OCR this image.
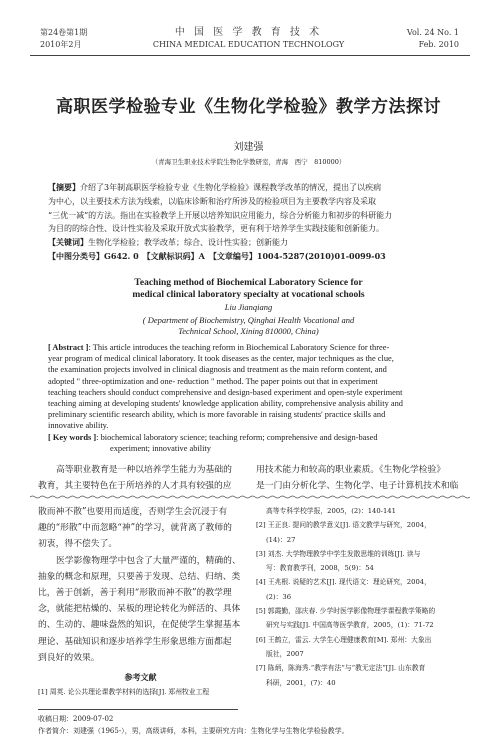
第24卷第1期
2010年2月
中 国 医 学 教 育 技 术
CHINA MEDICAL EDUCATION TECHNOLOGY
Vol. 24 No. 1
Feb. 2010
高职医学检验专业《生物化学检验》教学方法探讨
刘建强
（青海卫生职业技术学院生物化学教研室，青海　西宁　810000）
【摘要】介绍了3年制高职医学检验专业《生物化学检验》课程教学改革的情况，提出了以疾病
为中心，以主要技术方法为线索，以临床诊断和治疗所涉及的检验项目为主要教学内容及采取
“三优一减”的方法。指出在实验教学上开展以培养知识应用能力，综合分析能力和初步的科研能力
为目的的综合性、设计性实验及采取开放式实验教学，更有利于培养学生实践技能和创新能力。
【关键词】生物化学检验；教学改革；综合、设计性实验；创新能力
【中图分类号】G642. 0　【文献标识码】A　【文章编号】1004-5287(2010)01-0099-03
Teaching method of Biochemical Laboratory Science for
medical clinical laboratory specialty at vocational schools
Liu Jianqiang
( Department of Biochemistry, Qinghai Health Vocational and
Technical School, Xining 810000, China)
[ Abstract ]: This article introduces the teaching reform in Biochemical Laboratory Science for three-
year program of medical clinical laboratory. It took diseases as the center, major techniques as the clue,
the examination projects involved in clinical diagnosis and treatment as the main reform content, and
adopted " three-optimization and one- reduction " method. The paper points out that in experiment
teaching teachers should conduct comprehensive and design-based experiment and open-style experiment
teaching aiming at developing students' knowledge application ability, comprehensive analysis ability and
preliminary scientific research ability, which is more favorable in raising students' practice skills and
innovative ability.
[ Key words ]: biochemical laboratory science; teaching reform; comprehensive and design-based
experiment; innovative ability
高等职业教育是一种以培养学生能力为基础的
教育，其主要特色在于所培养的人才具有较强的应
用技术能力和较高的职业素质。《生物化学检验》
是一门由分析化学、生物化学、电子计算机技术和临
散而神不散”也要用而适度，否则学生会沉浸于有
趣的“形散”中而忽略“神”的学习，就背离了教师的
初衷，得不偿失了。
医学影像物理学中包含了大量严谨的，精确的、
抽象的概念和原理，只要善于发现、总结、归纳、类
比，善于创新，善于利用“形散而神不散”的教学理
念，就能把枯燥的、呆板的理论转化为鲜活的、具体
的、生动的、趣味盎然的知识，在促使学生掌握基本
理论、基础知识和逐步培养学生形象思维方面都起
到良好的效果。
参考文献
[1] 周英. 论公共理论课教学材料的选择[J]. 郑州牧业工程
高等专科学校学报，2005，(2)：140-141
[2] 王正良. 提问的教学意义[J]. 语文教学与研究，2004，
(14)：27
[3] 刘杰. 大学物理教学中学生发散思维的训练[J]. 读与
写：教育教学刊，2008，5(9)：54
[4] 王兆根. 说疑的艺术[J]. 现代语文：理论研究，2004，
(2)：36
[5] 郭霞勤，邵庆春. 少学时医学影像物理学课程教学策略的
研究与实践[J]. 中国高等医学教育，2005，(1)：71-72
[6] 王鹤立，雷云. 大学生心理健康教育[M]. 郑州：大象出
版社，2007
[7] 陈炳，陈海秀.“教学有法”与“教无定法”[J]. 山东教育
科研，2001，(7)：40
收稿日期：2009-07-02
作者简介：刘建强（1965-），男，高级讲师，本科，主要研究方向：生物化学与生物化学检验教学。
